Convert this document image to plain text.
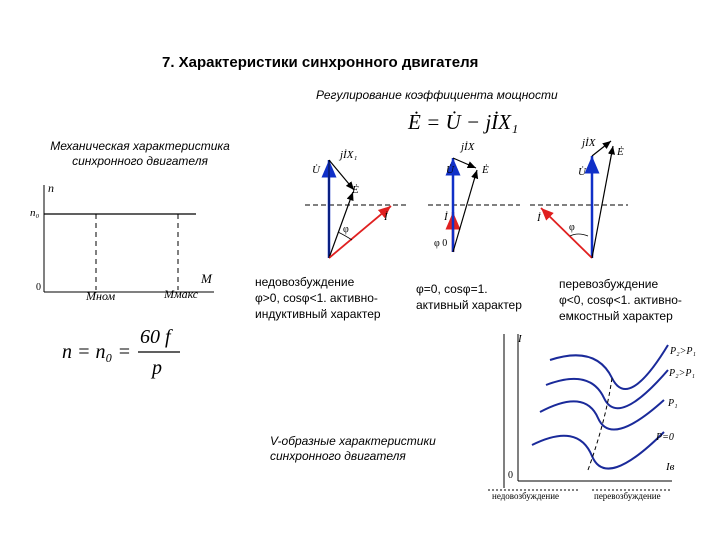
7. Характеристики синхронного двигателя
Регулирование коэффициента мощности
Ė = U̇ − jİX₁
Механическая характеристика
синхронного двигателя
n
n₀
0
M
Mном	Mмакс
n = n₀ =
60 f
p
jİX₁
U̇
Ė
İ
φ
jİX
U̇	Ė
İ
φ 0
jİX
Ė
U̇
İ
φ
I
0
Iв
P₂>P₁
P₂>P₁
P₁
P=0
недовозбуждение	перевозбуждение
недовозбуждение
φ>0, cosφ<1. активно-
индуктивный характер
φ=0, cosφ=1.
активный характер
перевозбуждение
φ<0, cosφ<1. активно-
емкостный характер
V-образные характеристики
синхронного двигателя
